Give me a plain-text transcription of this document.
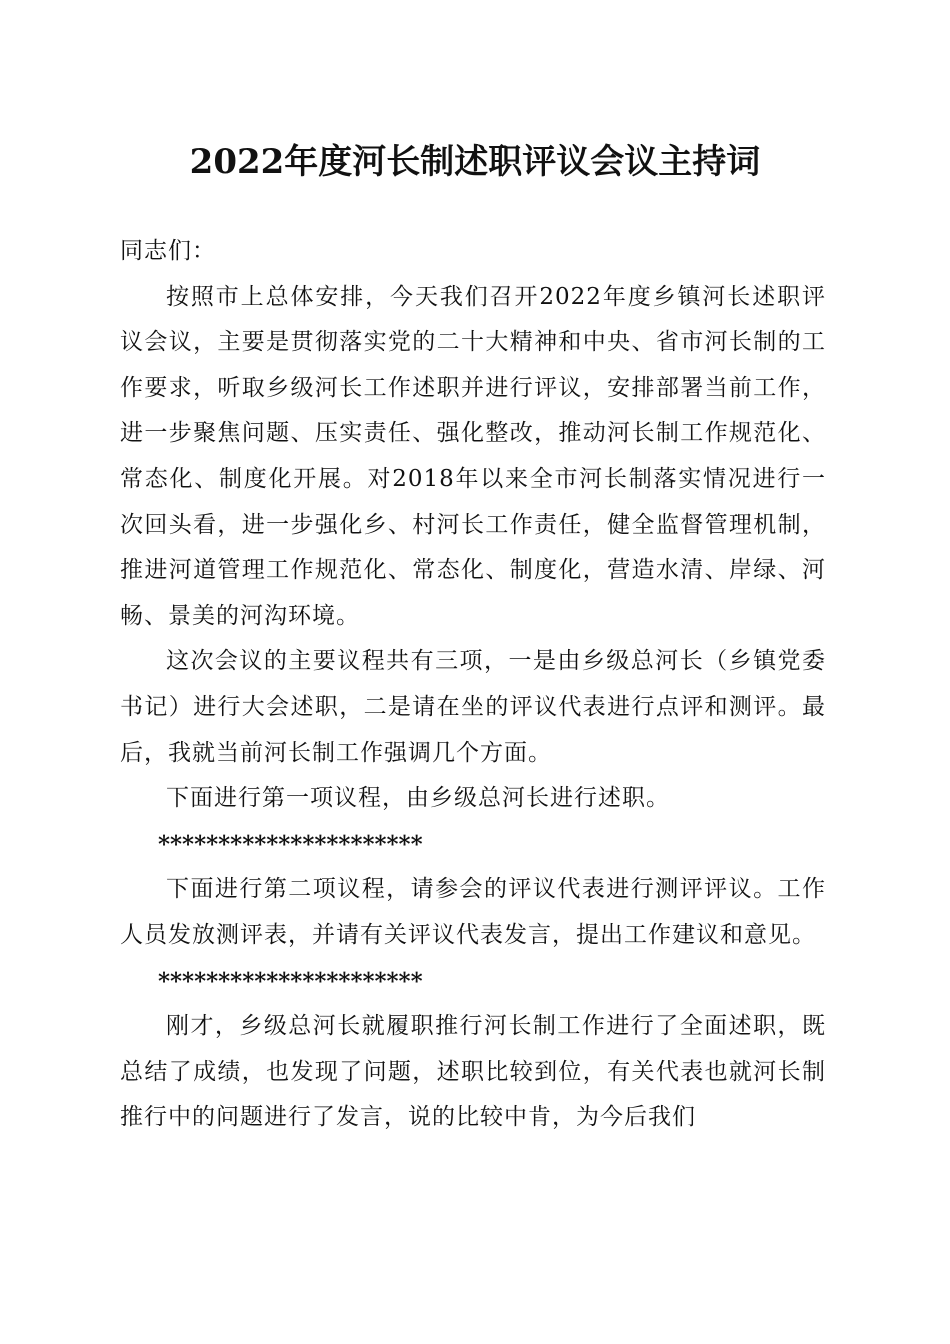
2022年度河长制述职评议会议主持词

同志们：

按照市上总体安排，今天我们召开2022年度乡镇河长述职评议会议，主要是贯彻落实党的二十大精神和中央、省市河长制的工作要求，听取乡级河长工作述职并进行评议，安排部署当前工作，进一步聚焦问题、压实责任、强化整改，推动河长制工作规范化、常态化、制度化开展。对2018年以来全市河长制落实情况进行一次回头看，进一步强化乡、村河长工作责任，健全监督管理机制，推进河道管理工作规范化、常态化、制度化，营造水清、岸绿、河畅、景美的河沟环境。

这次会议的主要议程共有三项，一是由乡级总河长（乡镇党委书记）进行大会述职，二是请在坐的评议代表进行点评和测评。最后，我就当前河长制工作强调几个方面。

下面进行第一项议程，由乡级总河长进行述职。

**********************

下面进行第二项议程，请参会的评议代表进行测评评议。工作人员发放测评表，并请有关评议代表发言，提出工作建议和意见。

**********************

刚才，乡级总河长就履职推行河长制工作进行了全面述职，既总结了成绩，也发现了问题，述职比较到位，有关代表也就河长制推行中的问题进行了发言，说的比较中肯，为今后我们
